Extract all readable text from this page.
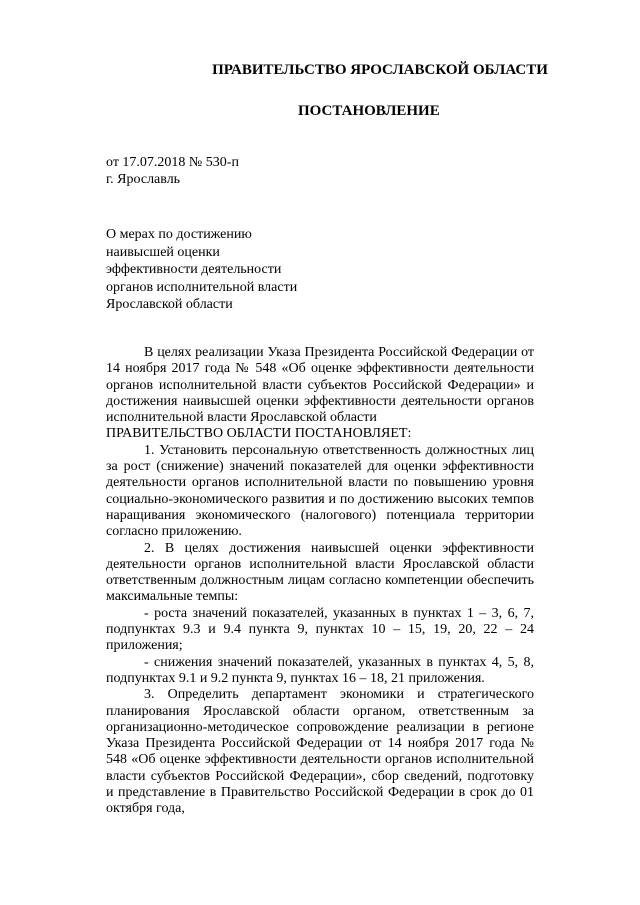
ПРАВИТЕЛЬСТВО ЯРОСЛАВСКОЙ ОБЛАСТИ
ПОСТАНОВЛЕНИЕ
от 17.07.2018 № 530-п
г. Ярославль
О мерах по достижению
наивысшей оценки
эффективности деятельности
органов исполнительной власти
Ярославской области

В целях реализации Указа Президента Российской Федерации от 14 ноября 2017 года № 548 «Об оценке эффективности деятельности органов исполнительной власти субъектов Российской Федерации» и достижения наивысшей оценки эффективности деятельности органов исполнительной власти Ярославской области

ПРАВИТЕЛЬСТВО ОБЛАСТИ ПОСТАНОВЛЯЕТ:

1. Установить персональную ответственность должностных лиц за рост (снижение) значений показателей для оценки эффективности деятельности органов исполнительной власти по повышению уровня социально-экономического развития и по достижению высоких темпов наращивания экономического (налогового) потенциала территории согласно приложению.

2. В целях достижения наивысшей оценки эффективности деятельности органов исполнительной власти Ярославской области ответственным должностным лицам согласно компетенции обеспечить максимальные темпы:

- роста значений показателей, указанных в пунктах 1 – 3, 6, 7, подпунктах 9.3 и 9.4 пункта 9, пунктах 10 – 15, 19, 20, 22 – 24 приложения;

- снижения значений показателей, указанных в пунктах 4, 5, 8, подпунктах 9.1 и 9.2 пункта 9, пунктах 16 – 18, 21 приложения.

3. Определить департамент экономики и стратегического планирования Ярославской области органом, ответственным за организационно-методическое сопровождение реализации в регионе Указа Президента Российской Федерации от 14 ноября 2017 года № 548 «Об оценке эффективности деятельности органов исполнительной власти субъектов Российской Федерации», сбор сведений, подготовку и представление в Правительство Российской Федерации в срок до 01 октября года,
